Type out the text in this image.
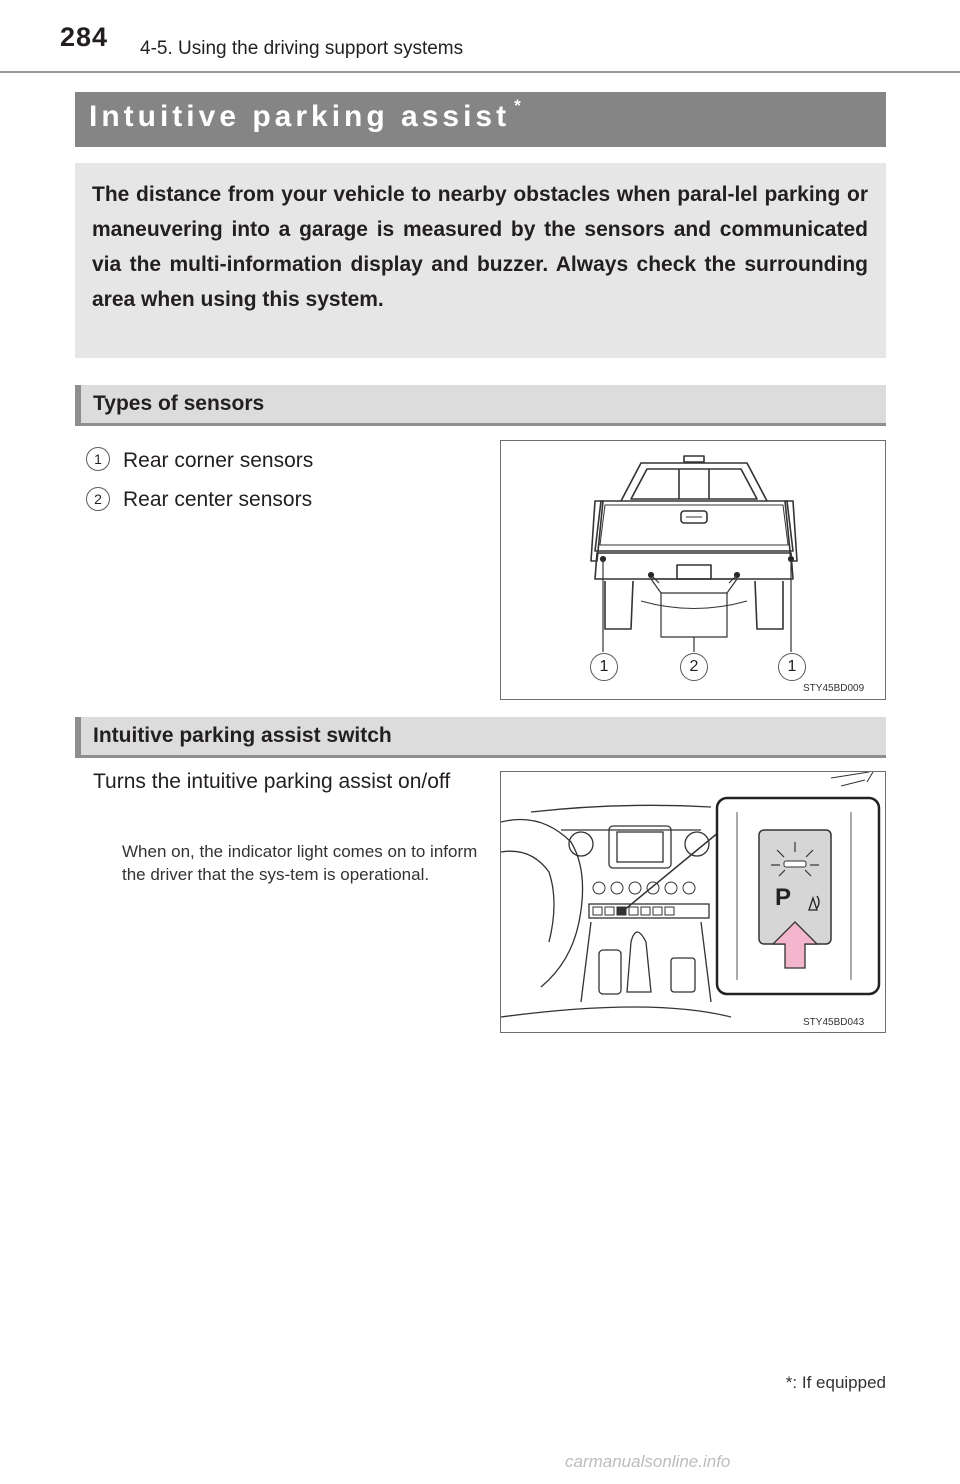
284 4-5. Using the driving support systems
Intuitive parking assist *
The distance from your vehicle to nearby obstacles when paral-lel parking or maneuvering into a garage is measured by the sensors and communicated via the multi-information display and buzzer. Always check the surrounding area when using this system.
Types of sensors
1	Rear corner sensors
2	Rear center sensors
1	2	1
STY45BD009
Intuitive parking assist switch
Turns the intuitive parking assist on/off
When on, the indicator light comes on to inform the driver that the sys-tem is operational.
P
STY45BD043
*: If equipped
carmanualsonline.info
